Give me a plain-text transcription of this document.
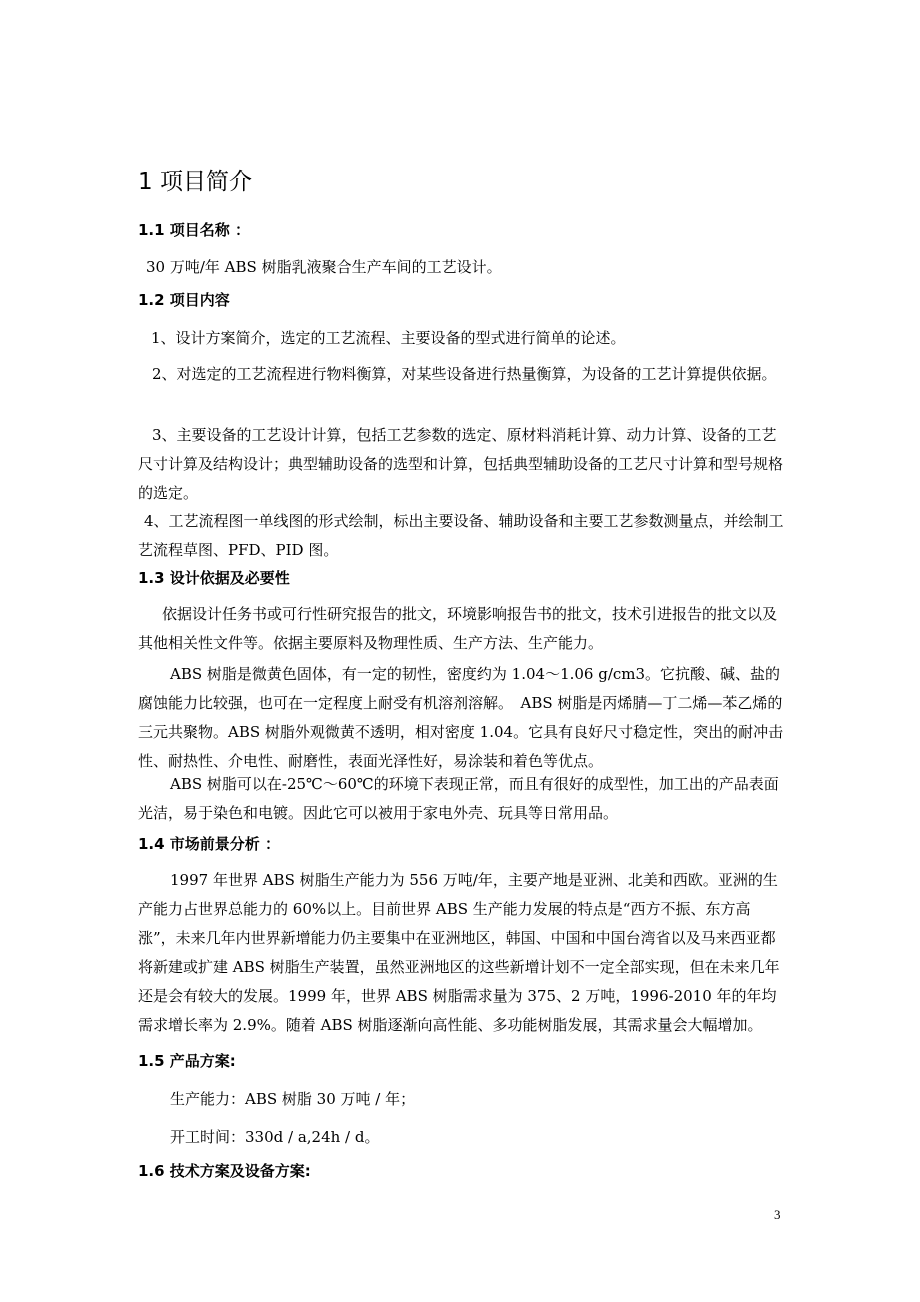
1 项目简介
1.1 项目名称 ：

30 万吨/年 ABS 树脂乳液聚合生产车间的工艺设计。

1.2 项目内容

1、设计方案简介，选定的工艺流程、主要设备的型式进行简单的论述。

2、对选定的工艺流程进行物料衡算，对某些设备进行热量衡算，为设备的工艺计算提供依据。

3、主要设备的工艺设计计算，包括工艺参数的选定、原材料消耗计算、动力计算、设备的工艺尺寸计算及结构设计；典型辅助设备的选型和计算，包括典型辅助设备的工艺尺寸计算和型号规格的选定。

4、工艺流程图一单线图的形式绘制，标出主要设备、辅助设备和主要工艺参数测量点，并绘制工艺流程草图、PFD、PID 图。

1.3 设计依据及必要性

依据设计任务书或可行性研究报告的批文，环境影响报告书的批文，技术引进报告的批文以及其他相关性文件等。依据主要原料及物理性质、生产方法、生产能力。

ABS 树脂是微黄色固体，有一定的韧性，密度约为 1.04～1.06 g/cm3。它抗酸、碱、盐的腐蚀能力比较强，也可在一定程度上耐受有机溶剂溶解。　ABS 树脂是丙烯腈—丁二烯—苯乙烯的三元共聚物。ABS 树脂外观微黄不透明，相对密度 1.04。它具有良好尺寸稳定性，突出的耐冲击性、耐热性、介电性、耐磨性，表面光泽性好，易涂装和着色等优点。

ABS 树脂可以在-25℃～60℃的环境下表现正常，而且有很好的成型性，加工出的产品表面光洁，易于染色和电镀。因此它可以被用于家电外壳、玩具等日常用品。

1.4 市场前景分析 ：

1997 年世界 ABS 树脂生产能力为 556 万吨/年，主要产地是亚洲、北美和西欧。亚洲的生产能力占世界总能力的 60%以上。目前世界 ABS 生产能力发展的特点是“西方不振、东方高涨”，未来几年内世界新增能力仍主要集中在亚洲地区，韩国、中国和中国台湾省以及马来西亚都将新建或扩建 ABS 树脂生产装置，虽然亚洲地区的这些新增计划不一定全部实现，但在未来几年还是会有较大的发展。1999 年，世界 ABS 树脂需求量为 375、2 万吨，1996-2010 年的年均需求增长率为 2.9%。随着 ABS 树脂逐渐向高性能、多功能树脂发展，其需求量会大幅增加。

1.5 产品方案:

生产能力：ABS 树脂 30 万吨 / 年；

开工时间：330d / a,24h / d。

1.6 技术方案及设备方案:
3
